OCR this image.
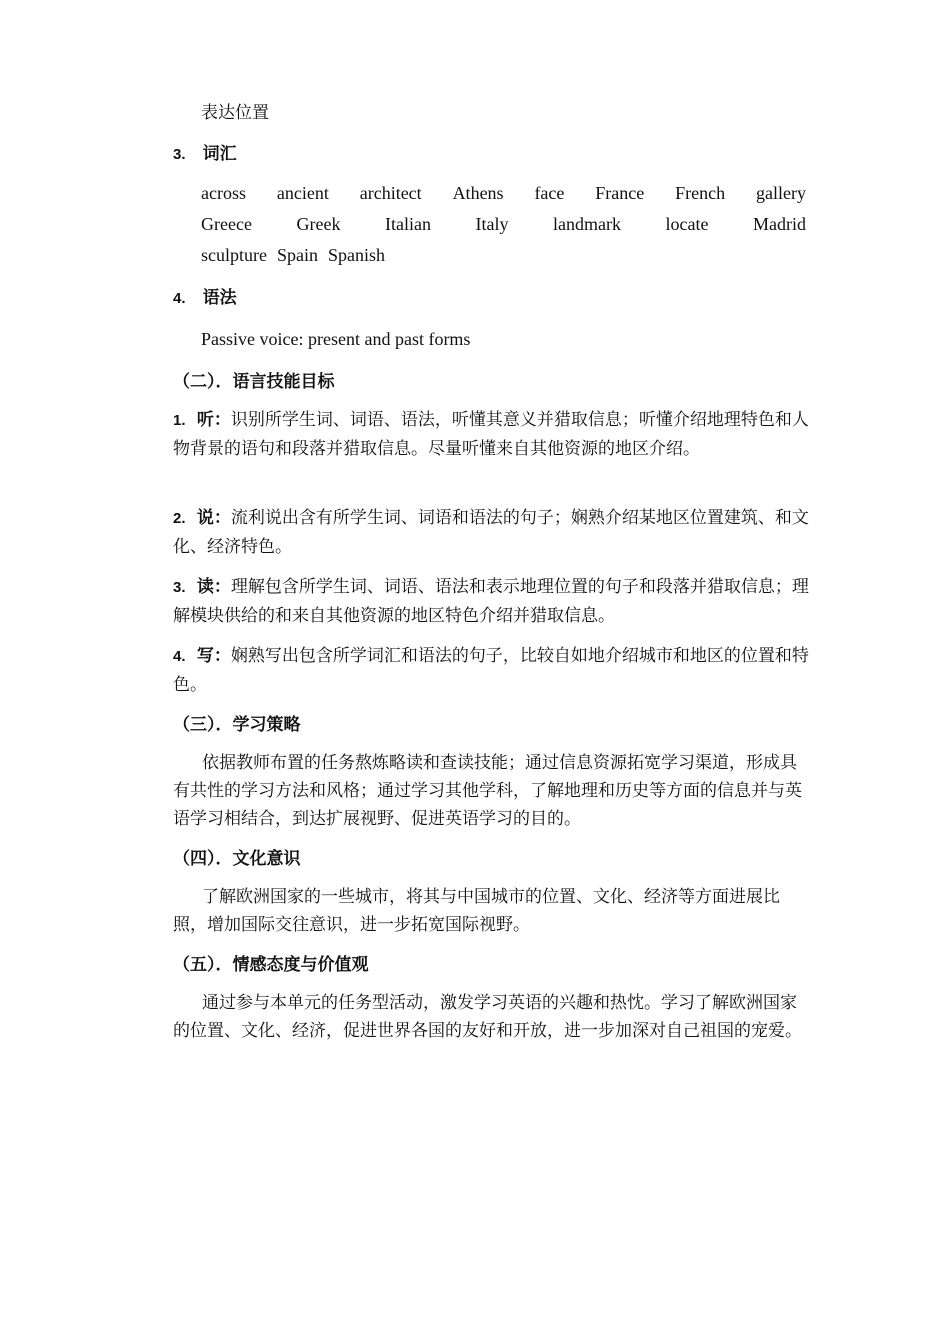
表达位置
3. 词汇
across ancient architect Athens face France French gallery
Greece Greek Italian Italy landmark locate Madrid
sculpture Spain Spanish
4. 语法
Passive voice: present and past forms
（二）．语言技能目标
1. 听：识别所学生词、词语、语法，听懂其意义并猎取信息；听懂介绍地理特色和人物背景的语句和段落并猎取信息。尽量听懂来自其他资源的地区介绍。
2. 说：流利说出含有所学生词、词语和语法的句子；娴熟介绍某地区位置建筑、和文化、经济特色。
3. 读：理解包含所学生词、词语、语法和表示地理位置的句子和段落并猎取信息；理解模块供给的和来自其他资源的地区特色介绍并猎取信息。
4. 写：娴熟写出包含所学词汇和语法的句子，比较自如地介绍城市和地区的位置和特色。
（三）．学习策略
依据教师布置的任务熬炼略读和查读技能；通过信息资源拓宽学习渠道，形成具有共性的学习方法和风格；通过学习其他学科，了解地理和历史等方面的信息并与英语学习相结合，到达扩展视野、促进英语学习的目的。
（四）．文化意识
了解欧洲国家的一些城市，将其与中国城市的位置、文化、经济等方面进展比照，增加国际交往意识，进一步拓宽国际视野。
（五）．情感态度与价值观
通过参与本单元的任务型活动，激发学习英语的兴趣和热忱。学习了解欧洲国家的位置、文化、经济，促进世界各国的友好和开放，进一步加深对自己祖国的宠爱。
